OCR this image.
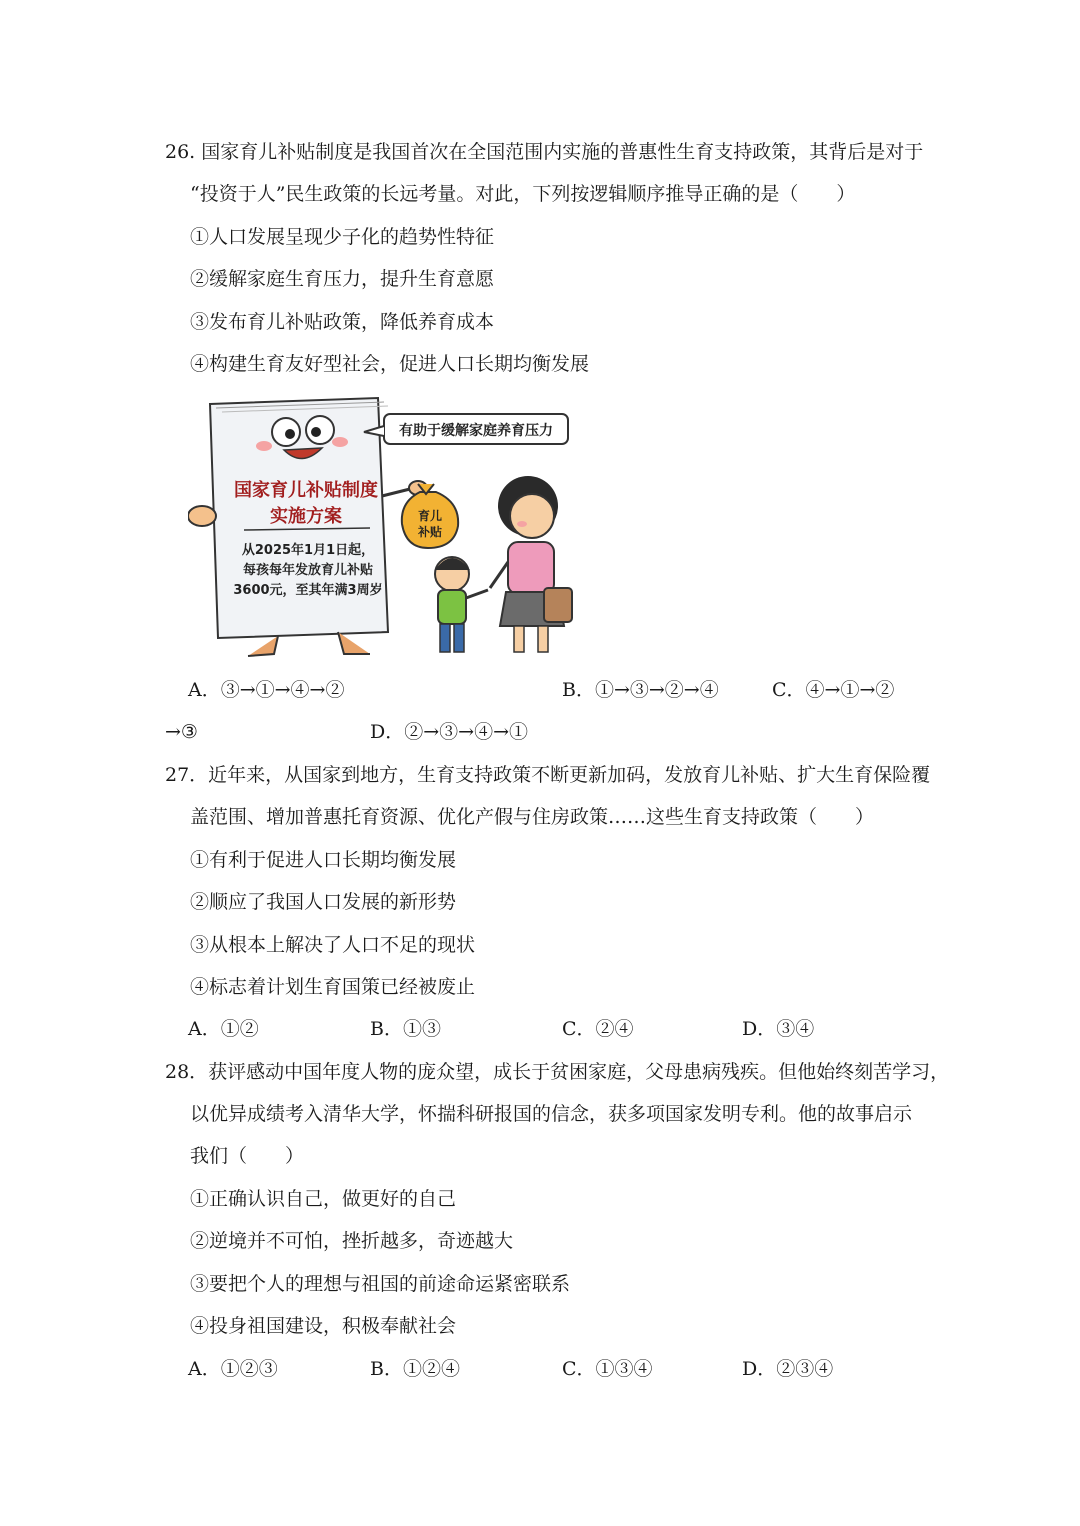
26. 国家育儿补贴制度是我国首次在全国范围内实施的普惠性生育支持政策，其背后是对于
“投资于人”民生政策的长远考量。对此，下列按逻辑顺序推导正确的是（　　）
①人口发展呈现少子化的趋势性特征
②缓解家庭生育压力，提升生育意愿
③发布育儿补贴政策，降低养育成本
④构建生育友好型社会，促进人口长期均衡发展
国家育儿补贴制度
实施方案
从2025年1月1日起，
每孩每年发放育儿补贴
3600元，至其年满3周岁
有助于缓解家庭养育压力
育儿
补贴
A．③→①→④→②	B．①→③→②→④	C．④→①→②
→③	D．②→③→④→①
27．近年来，从国家到地方，生育支持政策不断更新加码，发放育儿补贴、扩大生育保险覆
盖范围、增加普惠托育资源、优化产假与住房政策……这些生育支持政策（　　）
①有利于促进人口长期均衡发展
②顺应了我国人口发展的新形势
③从根本上解决了人口不足的现状
④标志着计划生育国策已经被废止
A．①②	B．①③	C．②④	D．③④
28．获评感动中国年度人物的庞众望，成长于贫困家庭，父母患病残疾。但他始终刻苦学习，
以优异成绩考入清华大学，怀揣科研报国的信念，获多项国家发明专利。他的故事启示
我们（　　）
①正确认识自己，做更好的自己
②逆境并不可怕，挫折越多，奇迹越大
③要把个人的理想与祖国的前途命运紧密联系
④投身祖国建设，积极奉献社会
A．①②③	B．①②④	C．①③④	D．②③④
